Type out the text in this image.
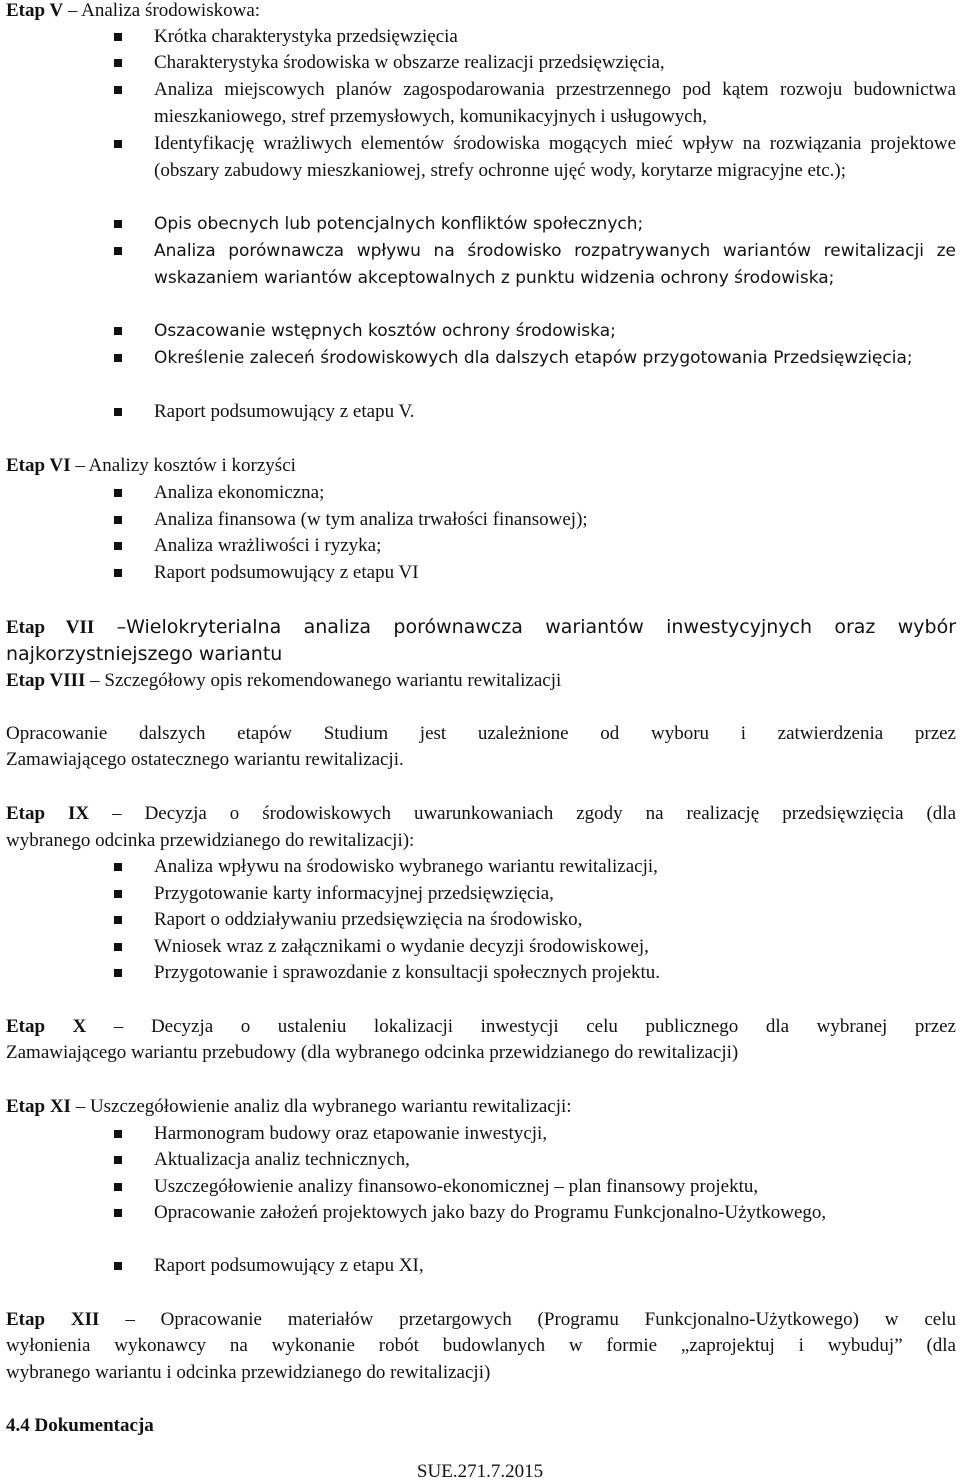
Etap V – Analiza środowiskowa:
Krótka charakterystyka przedsięwzięcia
Charakterystyka środowiska w obszarze realizacji przedsięwzięcia,
Analiza miejscowych planów zagospodarowania przestrzennego pod kątem rozwoju budownictwa mieszkaniowego, stref przemysłowych, komunikacyjnych i usługowych,
Identyfikację wrażliwych elementów środowiska mogących mieć wpływ na rozwiązania projektowe (obszary zabudowy mieszkaniowej, strefy ochronne ujęć wody, korytarze migracyjne etc.);
Opis obecnych lub potencjalnych konfliktów społecznych;
Analiza porównawcza wpływu na środowisko rozpatrywanych wariantów rewitalizacji ze wskazaniem wariantów akceptowalnych z punktu widzenia ochrony środowiska;
Oszacowanie wstępnych kosztów ochrony środowiska;
Określenie zaleceń środowiskowych dla dalszych etapów przygotowania Przedsięwzięcia;
Raport podsumowujący z etapu V.
Etap VI – Analizy kosztów i korzyści
Analiza ekonomiczna;
Analiza finansowa (w tym analiza trwałości finansowej);
Analiza wrażliwości i ryzyka;
Raport podsumowujący z etapu VI
Etap VII –Wielokryterialna analiza porównawcza wariantów inwestycyjnych oraz wybór
najkorzystniejszego wariantu
Etap VIII – Szczegółowy opis rekomendowanego wariantu rewitalizacji
Opracowanie dalszych etapów Studium jest uzależnione od wyboru i zatwierdzenia przez
Zamawiającego ostatecznego wariantu rewitalizacji.
Etap IX – Decyzja o środowiskowych uwarunkowaniach zgody na realizację przedsięwzięcia (dla
wybranego odcinka przewidzianego do rewitalizacji):
Analiza wpływu na środowisko wybranego wariantu rewitalizacji,
Przygotowanie karty informacyjnej przedsięwzięcia,
Raport o oddziaływaniu przedsięwzięcia na środowisko,
Wniosek wraz z załącznikami o wydanie decyzji środowiskowej,
Przygotowanie i sprawozdanie z konsultacji społecznych projektu.
Etap X – Decyzja o ustaleniu lokalizacji inwestycji celu publicznego dla wybranej przez
Zamawiającego wariantu przebudowy (dla wybranego odcinka przewidzianego do rewitalizacji)
Etap XI – Uszczegółowienie analiz dla wybranego wariantu rewitalizacji:
Harmonogram budowy oraz etapowanie inwestycji,
Aktualizacja analiz technicznych,
Uszczegółowienie analizy finansowo-ekonomicznej – plan finansowy projektu,
Opracowanie założeń projektowych jako bazy do Programu Funkcjonalno-Użytkowego,
Raport podsumowujący z etapu XI,
Etap XII – Opracowanie materiałów przetargowych (Programu Funkcjonalno-Użytkowego) w celu
wyłonienia wykonawcy na wykonanie robót budowlanych w formie „zaprojektuj i wybuduj” (dla
wybranego wariantu i odcinka przewidzianego do rewitalizacji)
4.4 Dokumentacja
SUE.271.7.2015
